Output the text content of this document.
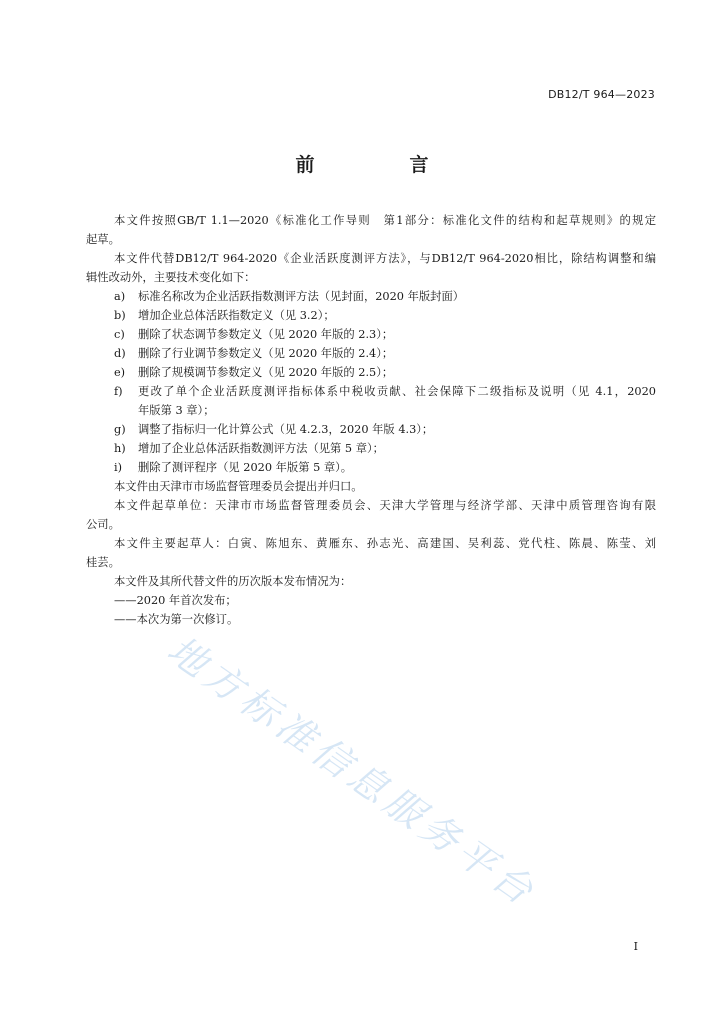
DB12/T 964—2023
前　言
地方标准信息服务平台
本文件按照GB/T 1.1—2020《标准化工作导则　第1部分：标准化文件的结构和起草规则》的规定
起草。
本文件代替DB12/T 964-2020《企业活跃度测评方法》，与DB12/T 964-2020相比，除结构调整和编
辑性改动外，主要技术变化如下：
a)	标准名称改为企业活跃指数测评方法（见封面，2020 年版封面）
b)	增加企业总体活跃指数定义（见 3.2）；
c)	删除了状态调节参数定义（见 2020 年版的 2.3）；
d)	删除了行业调节参数定义（见 2020 年版的 2.4）；
e)	删除了规模调节参数定义（见 2020 年版的 2.5）；
f)	更改了单个企业活跃度测评指标体系中税收贡献、社会保障下二级指标及说明（见 4.1，2020
年版第 3 章）；
g)	调整了指标归一化计算公式（见 4.2.3，2020 年版 4.3）；
h)	增加了企业总体活跃指数测评方法（见第 5 章）；
i)	删除了测评程序（见 2020 年版第 5 章）。
本文件由天津市市场监督管理委员会提出并归口。
本文件起草单位：天津市市场监督管理委员会、天津大学管理与经济学部、天津中质管理咨询有限
公司。
本文件主要起草人：白寅、陈旭东、黄雁东、孙志光、高建国、吴利蕊、党代柱、陈晨、陈莹、刘
桂芸。
本文件及其所代替文件的历次版本发布情况为：
——2020 年首次发布；
——本次为第一次修订。
I
